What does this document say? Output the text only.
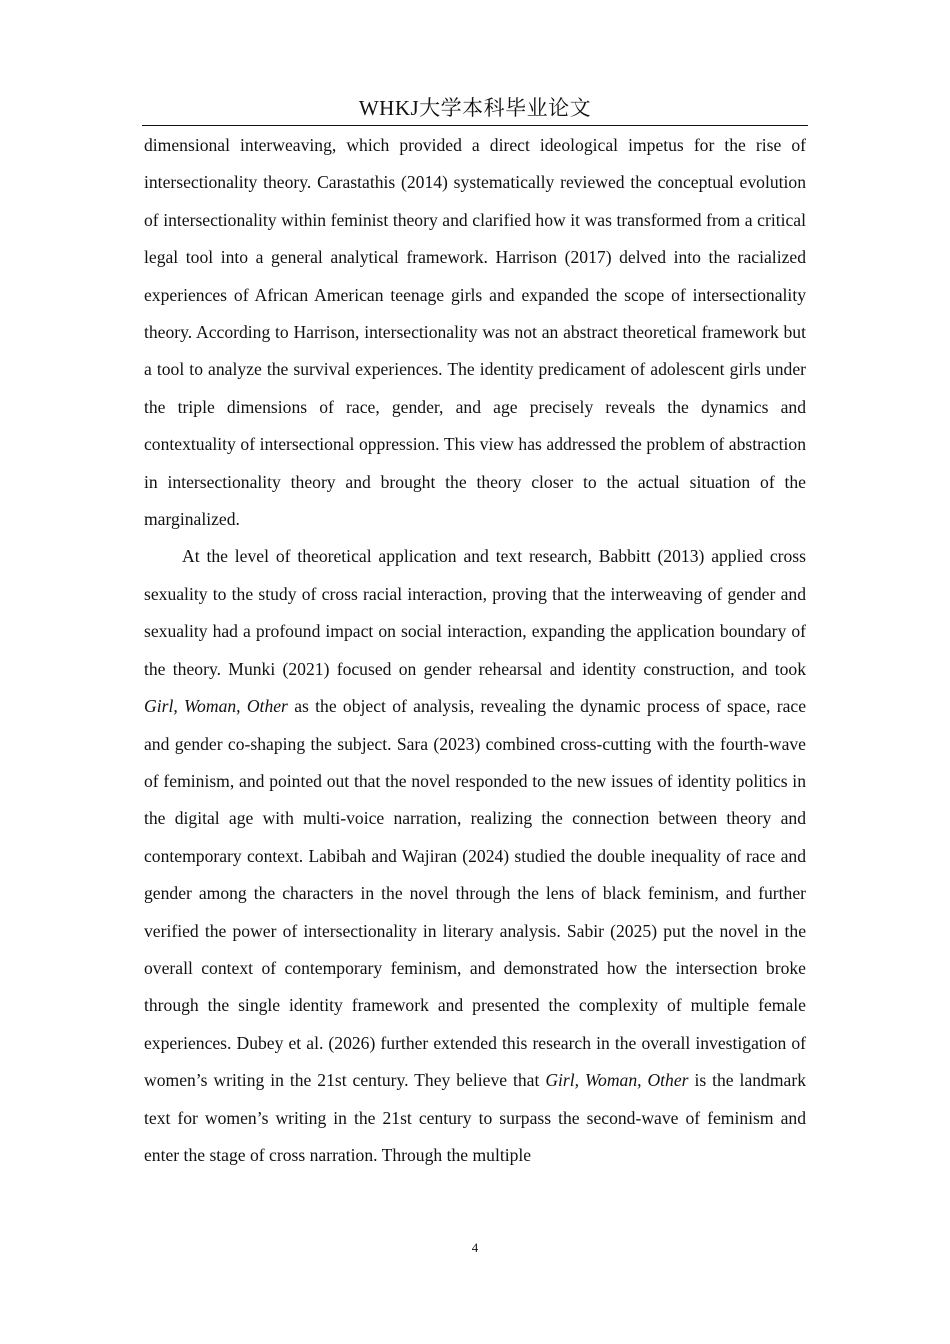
WHKJ大学本科毕业论文

dimensional interweaving, which provided a direct ideological impetus for the rise of intersectionality theory. Carastathis (2014) systematically reviewed the conceptual evolution of intersectionality within feminist theory and clarified how it was transformed from a critical legal tool into a general analytical framework. Harrison (2017) delved into the racialized experiences of African American teenage girls and expanded the scope of intersectionality theory. According to Harrison, intersectionality was not an abstract theoretical framework but a tool to analyze the survival experiences. The identity predicament of adolescent girls under the triple dimensions of race, gender, and age precisely reveals the dynamics and contextuality of intersectional oppression. This view has addressed the problem of abstraction in intersectionality theory and brought the theory closer to the actual situation of the marginalized.

At the level of theoretical application and text research, Babbitt (2013) applied cross sexuality to the study of cross racial interaction, proving that the interweaving of gender and sexuality had a profound impact on social interaction, expanding the application boundary of the theory. Munki (2021) focused on gender rehearsal and identity construction, and took Girl, Woman, Other as the object of analysis, revealing the dynamic process of space, race and gender co-shaping the subject. Sara (2023) combined cross-cutting with the fourth-wave of feminism, and pointed out that the novel responded to the new issues of identity politics in the digital age with multi-voice narration, realizing the connection between theory and contemporary context. Labibah and Wajiran (2024) studied the double inequality of race and gender among the characters in the novel through the lens of black feminism, and further verified the power of intersectionality in literary analysis. Sabir (2025) put the novel in the overall context of contemporary feminism, and demonstrated how the intersection broke through the single identity framework and presented the complexity of multiple female experiences. Dubey et al. (2026) further extended this research in the overall investigation of women’s writing in the 21st century. They believe that Girl, Woman, Other is the landmark text for women’s writing in the 21st century to surpass the second-wave of feminism and enter the stage of cross narration. Through the multiple

4
